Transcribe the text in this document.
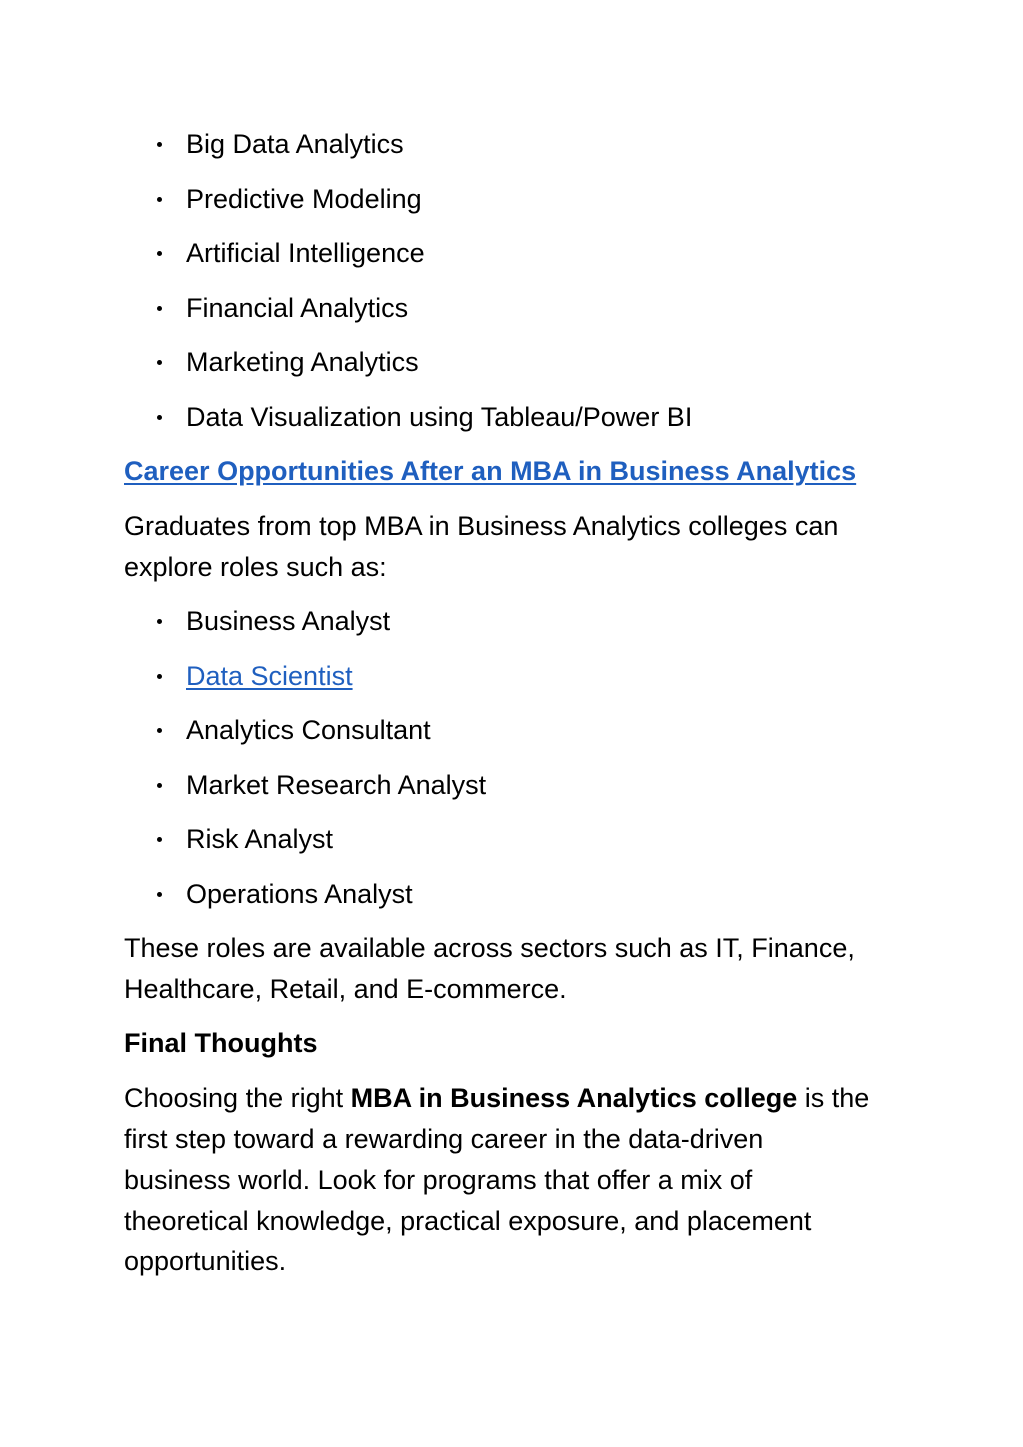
Big Data Analytics
Predictive Modeling
Artificial Intelligence
Financial Analytics
Marketing Analytics
Data Visualization using Tableau/Power BI
Career Opportunities After an MBA in Business Analytics
Graduates from top MBA in Business Analytics colleges can
explore roles such as:
Business Analyst
Data Scientist
Analytics Consultant
Market Research Analyst
Risk Analyst
Operations Analyst
These roles are available across sectors such as IT, Finance,
Healthcare, Retail, and E-commerce.
Final Thoughts
Choosing the right MBA in Business Analytics college is the
first step toward a rewarding career in the data-driven
business world. Look for programs that offer a mix of
theoretical knowledge, practical exposure, and placement
opportunities.
